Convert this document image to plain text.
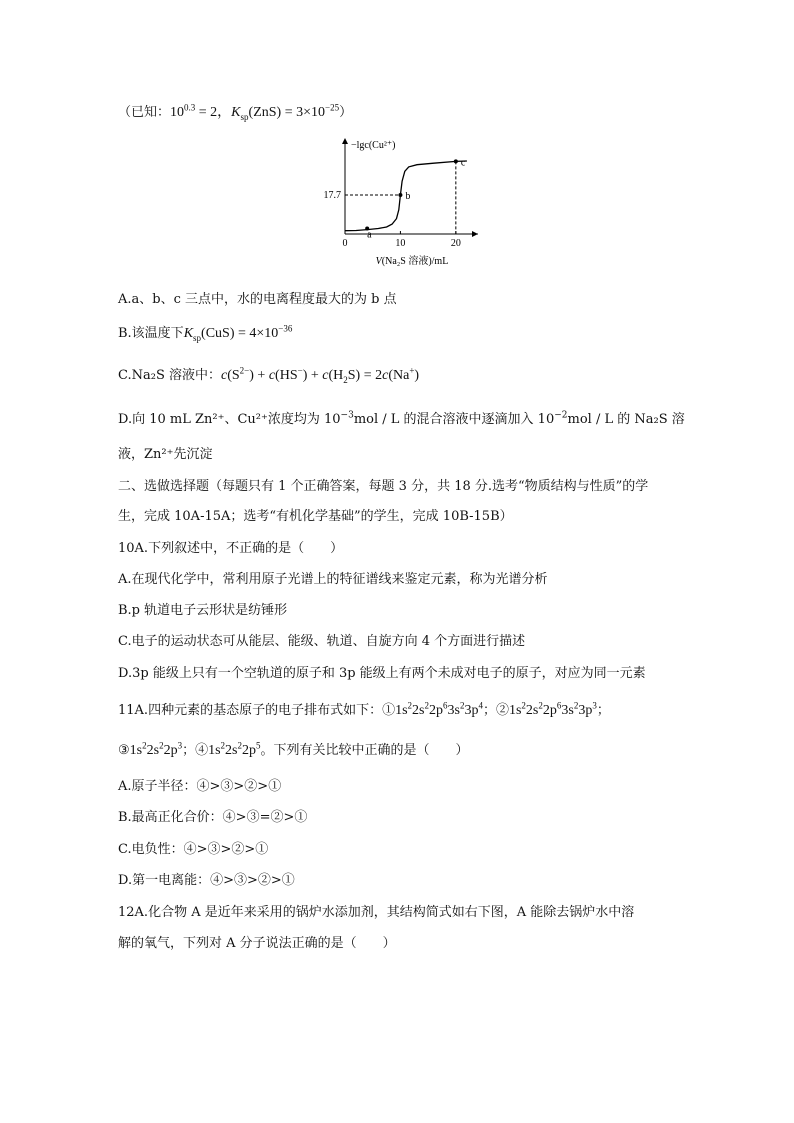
（已知：$10^{0.3} = 2$，$K_{sp}(ZnS) = 3\times 10^{-25}$）
−lgc(Cu²⁺)
0	10	20
17.7
a
b
c
V(Na₂S 溶液)/mL
A.a、b、c 三点中，水的电离程度最大的为 b 点
B.该温度下$K_{sp}(CuS) = 4\times 10^{-36}$
C.Na₂S 溶液中：$c(S^{2-}) + c(HS^-) + c(H_2S) = 2c(Na^+)$
D.向 10 mL Zn²⁺、Cu²⁺浓度均为 $10^{-3}mol$ / L 的混合溶液中逐滴加入 $10^{-2}mol$ / L 的 Na₂S 溶
液，Zn²⁺先沉淀
二、选做选择题（每题只有 1 个正确答案，每题 3 分，共 18 分.选考“物质结构与性质”的学
生，完成 10A-15A；选考“有机化学基础”的学生，完成 10B-15B）
10A.下列叙述中，不正确的是（　　）
A.在现代化学中，常利用原子光谱上的特征谱线来鉴定元素，称为光谱分析
B.p 轨道电子云形状是纺锤形
C.电子的运动状态可从能层、能级、轨道、自旋方向 4 个方面进行描述
D.3p 能级上只有一个空轨道的原子和 3p 能级上有两个未成对电子的原子，对应为同一元素
11A.四种元素的基态原子的电子排布式如下：$①1s^22s^22p^63s^23p^4$；$②1s^22s^22p^63s^23p^3$；
$③1s^22s^22p^3$；$④1s^22s^22p^5$。下列有关比较中正确的是（　　）
A.原子半径：④>③>②>①
B.最高正化合价：④>③=②>①
C.电负性：④>③>②>①
D.第一电离能：④>③>②>①
12A.化合物 A 是近年来采用的锅炉水添加剂，其结构简式如右下图，A 能除去锅炉水中溶
解的氧气，下列对 A 分子说法正确的是（　　）
